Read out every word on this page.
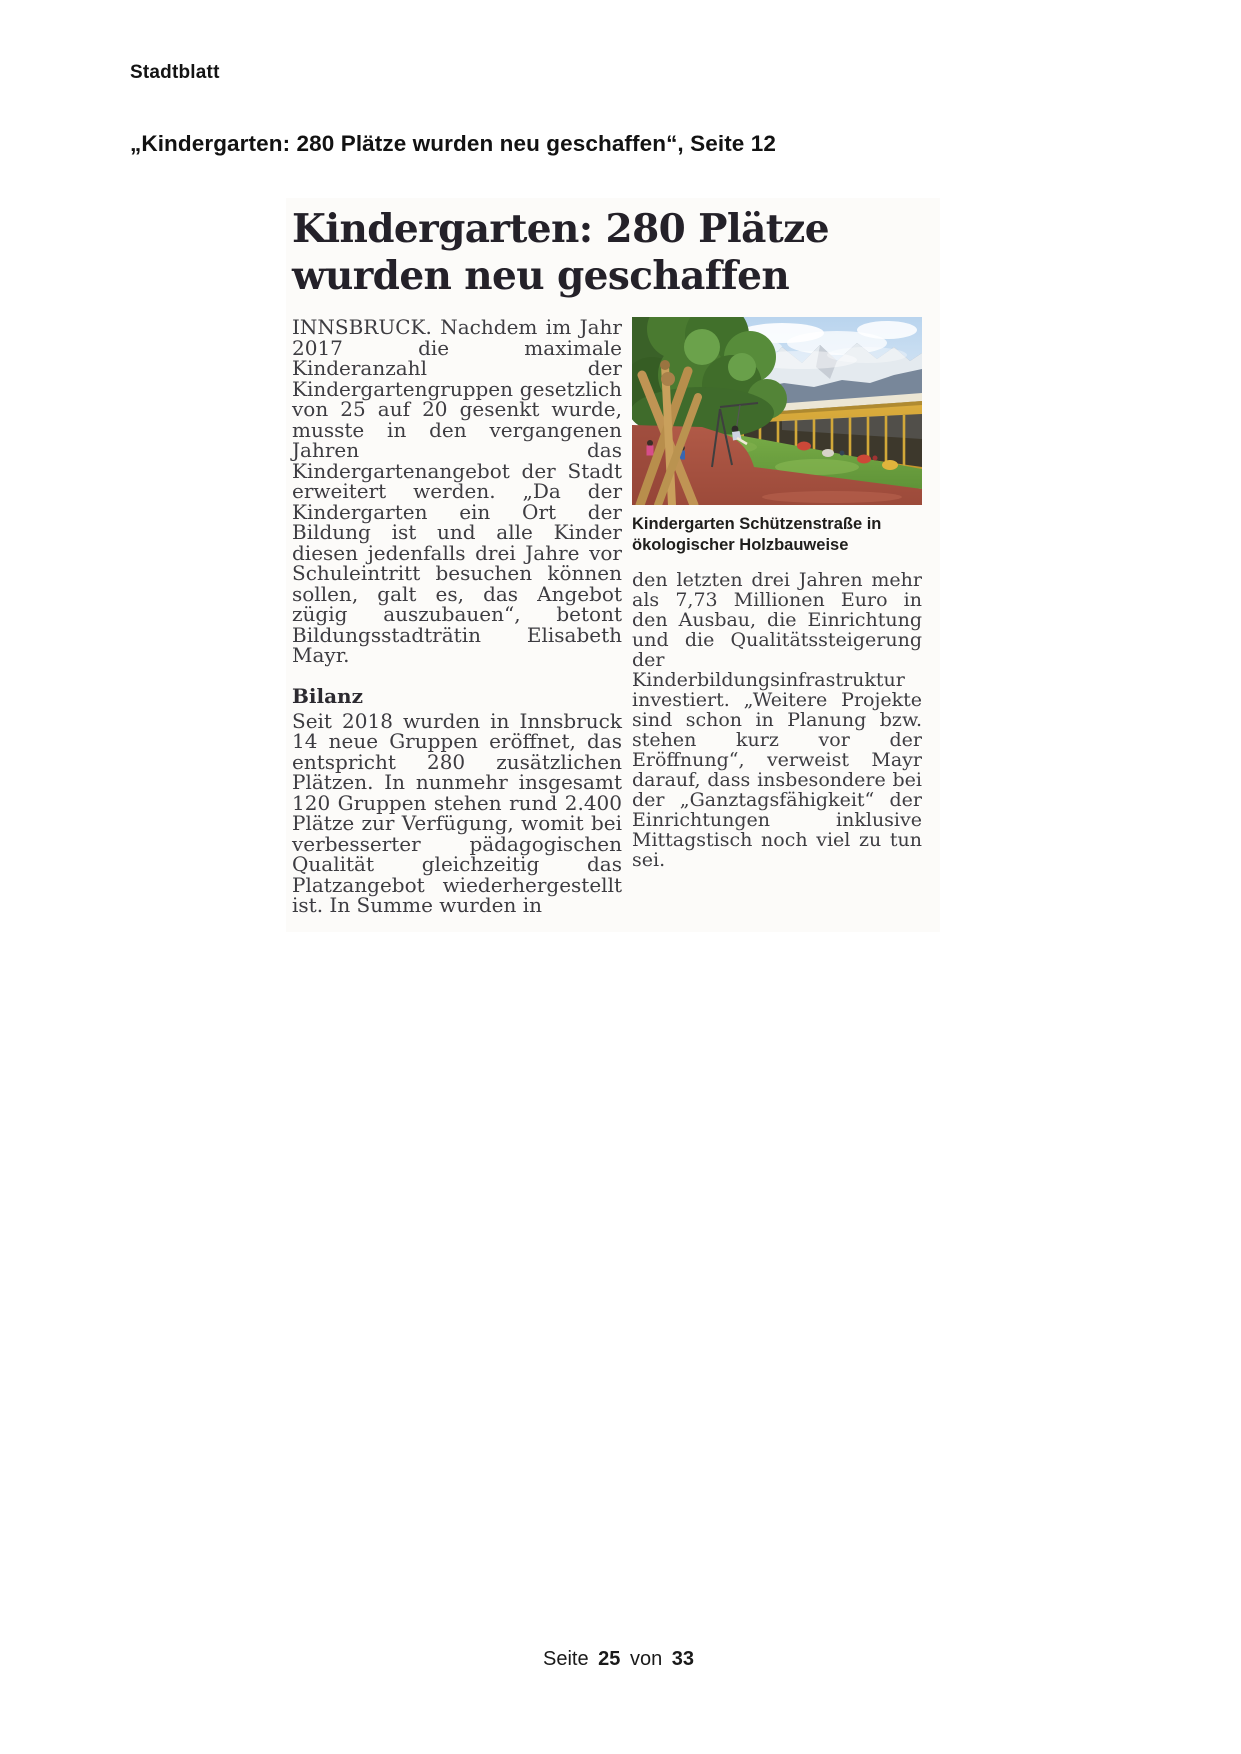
Stadtblatt
„Kindergarten: 280 Plätze wurden neu geschaffen“, Seite 12
Kindergarten: 280 Plätze
wurden neu geschaffen
INNSBRUCK. Nachdem im Jahr 2017 die maximale Kinderanzahl der Kindergartengruppen gesetzlich von 25 auf 20 gesenkt wurde, musste in den vergangenen Jahren das Kindergartenangebot der Stadt erweitert werden. „Da der Kindergarten ein Ort der Bildung ist und alle Kinder diesen jedenfalls drei Jahre vor Schuleintritt besuchen können sollen, galt es, das Angebot zügig auszubauen“, betont Bildungsstadträtin Elisabeth Mayr.
Bilanz
Seit 2018 wurden in Innsbruck 14 neue Gruppen eröffnet, das entspricht 280 zusätzlichen Plätzen. In nunmehr insgesamt 120 Gruppen stehen rund 2.400 Plätze zur Verfügung, womit bei verbesserter pädagogischen Qualität gleichzeitig das Platzangebot wiederhergestellt ist. In Summe wurden in
Kindergarten Schützenstraße in
ökologischer Holzbauweise
den letzten drei Jahren mehr als 7,73 Millionen Euro in den Ausbau, die Einrichtung und die Qualitätssteigerung der Kinderbildungsinfrastruktur investiert. „Weitere Projekte sind schon in Planung bzw. stehen kurz vor der Eröffnung“, verweist Mayr darauf, dass insbesondere bei der „Ganztagsfähigkeit“ der Einrichtungen inklusive Mittagstisch noch viel zu tun sei.
Seite 25 von 33
